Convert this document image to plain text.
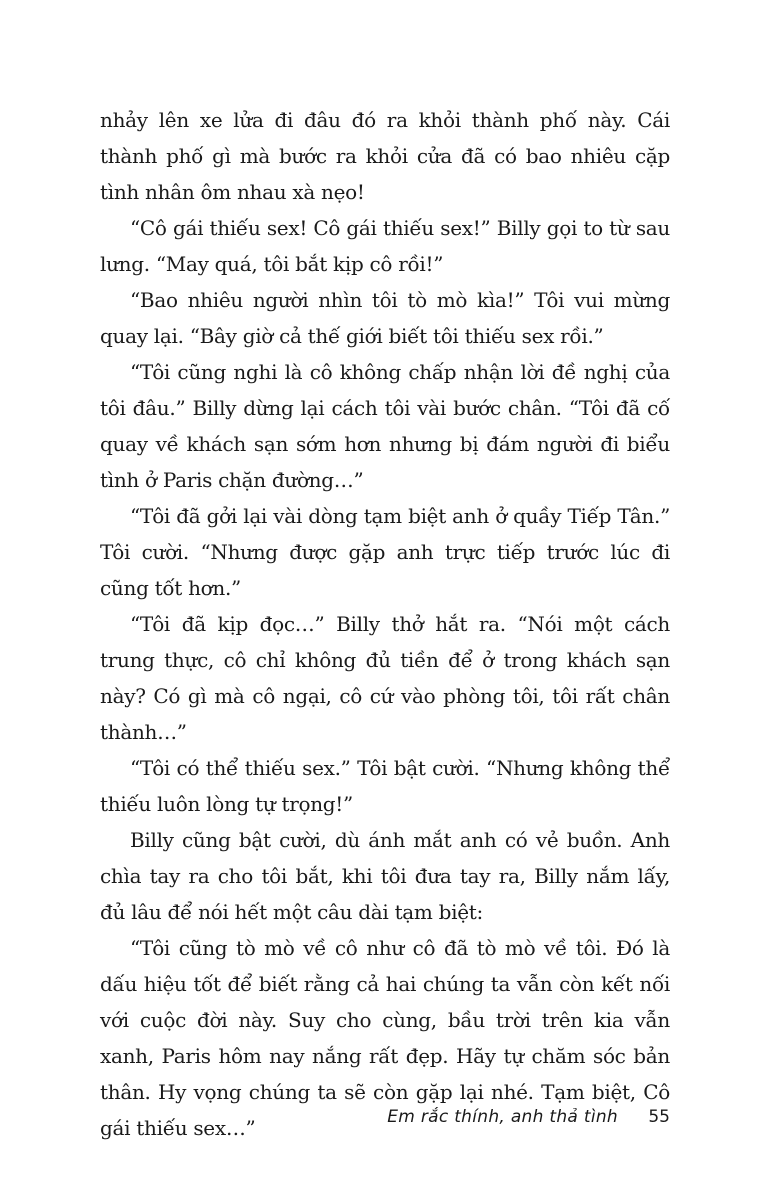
nhảy lên xe lửa đi đâu đó ra khỏi thành phố này. Cái thành phố gì mà bước ra khỏi cửa đã có bao nhiêu cặp tình nhân ôm nhau xà nẹo!

“Cô gái thiếu sex! Cô gái thiếu sex!” Billy gọi to từ sau lưng. “May quá, tôi bắt kịp cô rồi!”

“Bao nhiêu người nhìn tôi tò mò kìa!” Tôi vui mừng quay lại. “Bây giờ cả thế giới biết tôi thiếu sex rồi.”

“Tôi cũng nghi là cô không chấp nhận lời đề nghị của tôi đâu.” Billy dừng lại cách tôi vài bước chân. “Tôi đã cố quay về khách sạn sớm hơn nhưng bị đám người đi biểu tình ở Paris chặn đường…”

“Tôi đã gởi lại vài dòng tạm biệt anh ở quầy Tiếp Tân.” Tôi cười. “Nhưng được gặp anh trực tiếp trước lúc đi cũng tốt hơn.”

“Tôi đã kịp đọc…” Billy thở hắt ra. “Nói một cách trung thực, cô chỉ không đủ tiền để ở trong khách sạn này? Có gì mà cô ngại, cô cứ vào phòng tôi, tôi rất chân thành…”

“Tôi có thể thiếu sex.” Tôi bật cười. “Nhưng không thể thiếu luôn lòng tự trọng!”

Billy cũng bật cười, dù ánh mắt anh có vẻ buồn. Anh chìa tay ra cho tôi bắt, khi tôi đưa tay ra, Billy nắm lấy, đủ lâu để nói hết một câu dài tạm biệt:

“Tôi cũng tò mò về cô như cô đã tò mò về tôi. Đó là dấu hiệu tốt để biết rằng cả hai chúng ta vẫn còn kết nối với cuộc đời này. Suy cho cùng, bầu trời trên kia vẫn xanh, Paris hôm nay nắng rất đẹp. Hãy tự chăm sóc bản thân. Hy vọng chúng ta sẽ còn gặp lại nhé. Tạm biệt, Cô gái thiếu sex…”	Em rắc thính, anh thả tình 55
